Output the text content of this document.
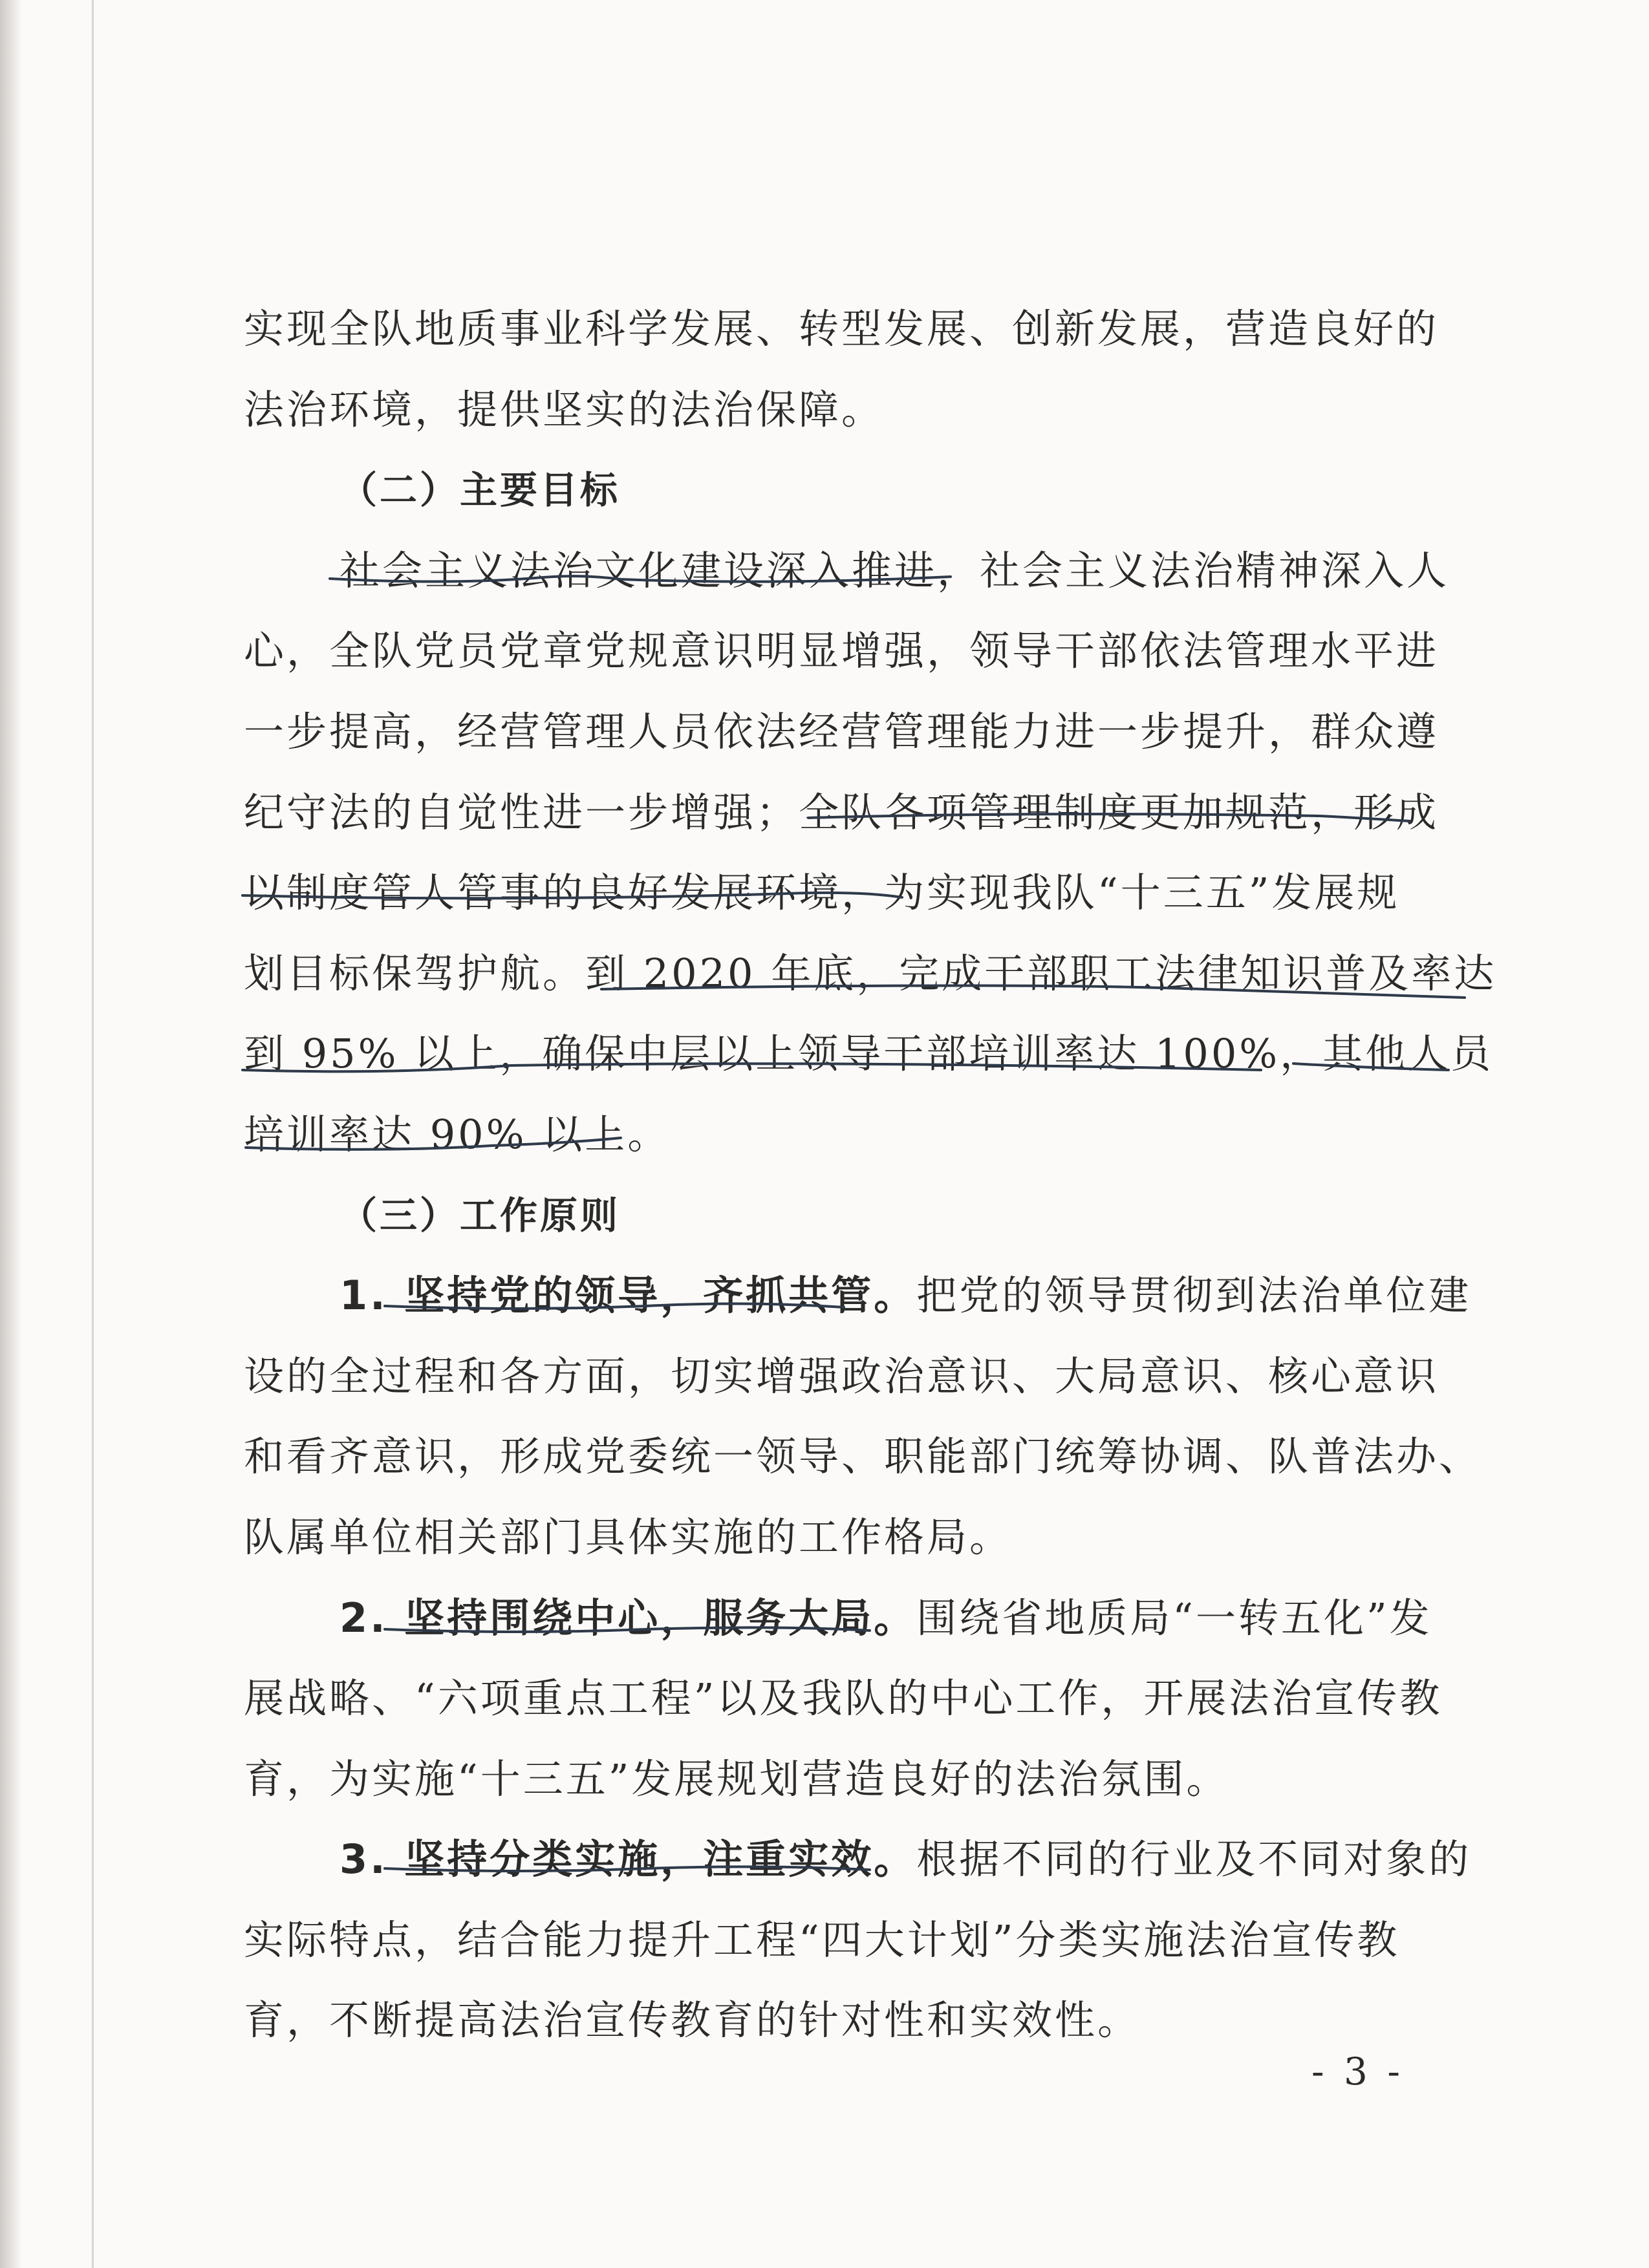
实现全队地质事业科学发展、转型发展、创新发展，营造良好的
法治环境，提供坚实的法治保障。
（二）主要目标
社会主义法治文化建设深入推进，社会主义法治精神深入人
心，全队党员党章党规意识明显增强，领导干部依法管理水平进
一步提高，经营管理人员依法经营管理能力进一步提升，群众遵
纪守法的自觉性进一步增强；全队各项管理制度更加规范，形成
以制度管人管事的良好发展环境，为实现我队“十三五”发展规
划目标保驾护航。到 2020 年底，完成干部职工法律知识普及率达
到 95% 以上，确保中层以上领导干部培训率达 100%，其他人员
培训率达 90% 以上。
（三）工作原则
1. 坚持党的领导，齐抓共管。把党的领导贯彻到法治单位建
设的全过程和各方面，切实增强政治意识、大局意识、核心意识
和看齐意识，形成党委统一领导、职能部门统筹协调、队普法办、
队属单位相关部门具体实施的工作格局。
2. 坚持围绕中心，服务大局。围绕省地质局“一转五化”发
展战略、“六项重点工程”以及我队的中心工作，开展法治宣传教
育，为实施“十三五”发展规划营造良好的法治氛围。
3. 坚持分类实施，注重实效。根据不同的行业及不同对象的
实际特点，结合能力提升工程“四大计划”分类实施法治宣传教
育，不断提高法治宣传教育的针对性和实效性。
- 3 -
